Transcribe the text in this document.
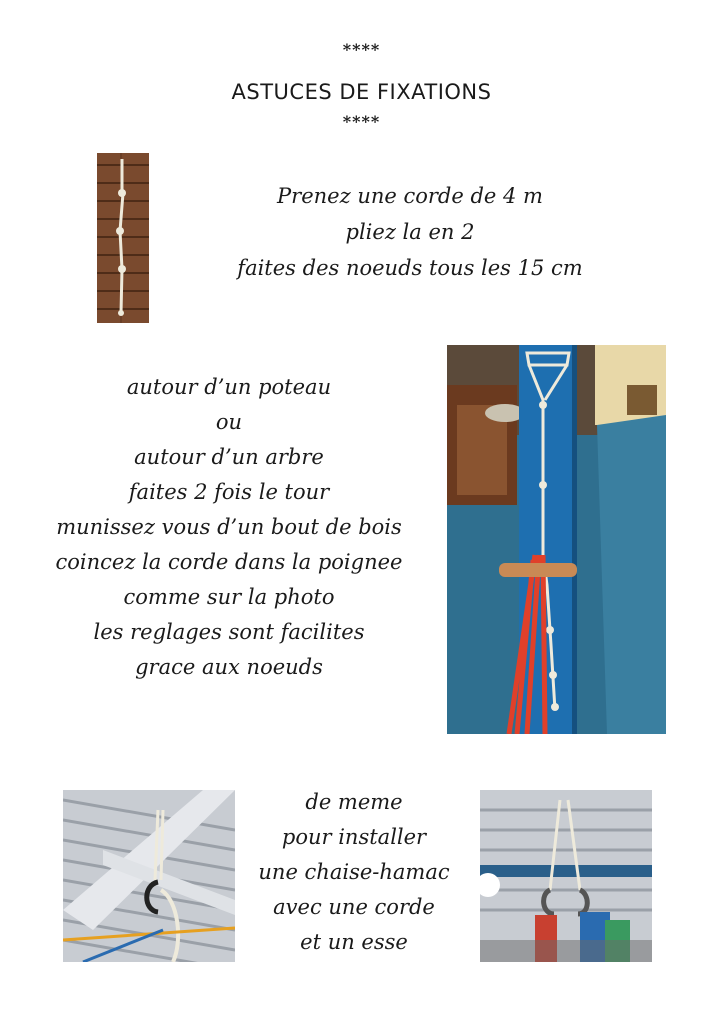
****
ASTUCES DE FIXATIONS
****
Prenez une corde de 4 m
pliez la en 2
faites des noeuds tous les 15 cm
autour d’un poteau
ou
autour d’un arbre
faites 2 fois le tour
munissez vous d’un bout de bois
coincez la corde dans la poignee
comme sur la photo
les reglages sont facilites
grace aux noeuds
de meme
pour installer
une chaise-hamac
avec une corde
et un esse
